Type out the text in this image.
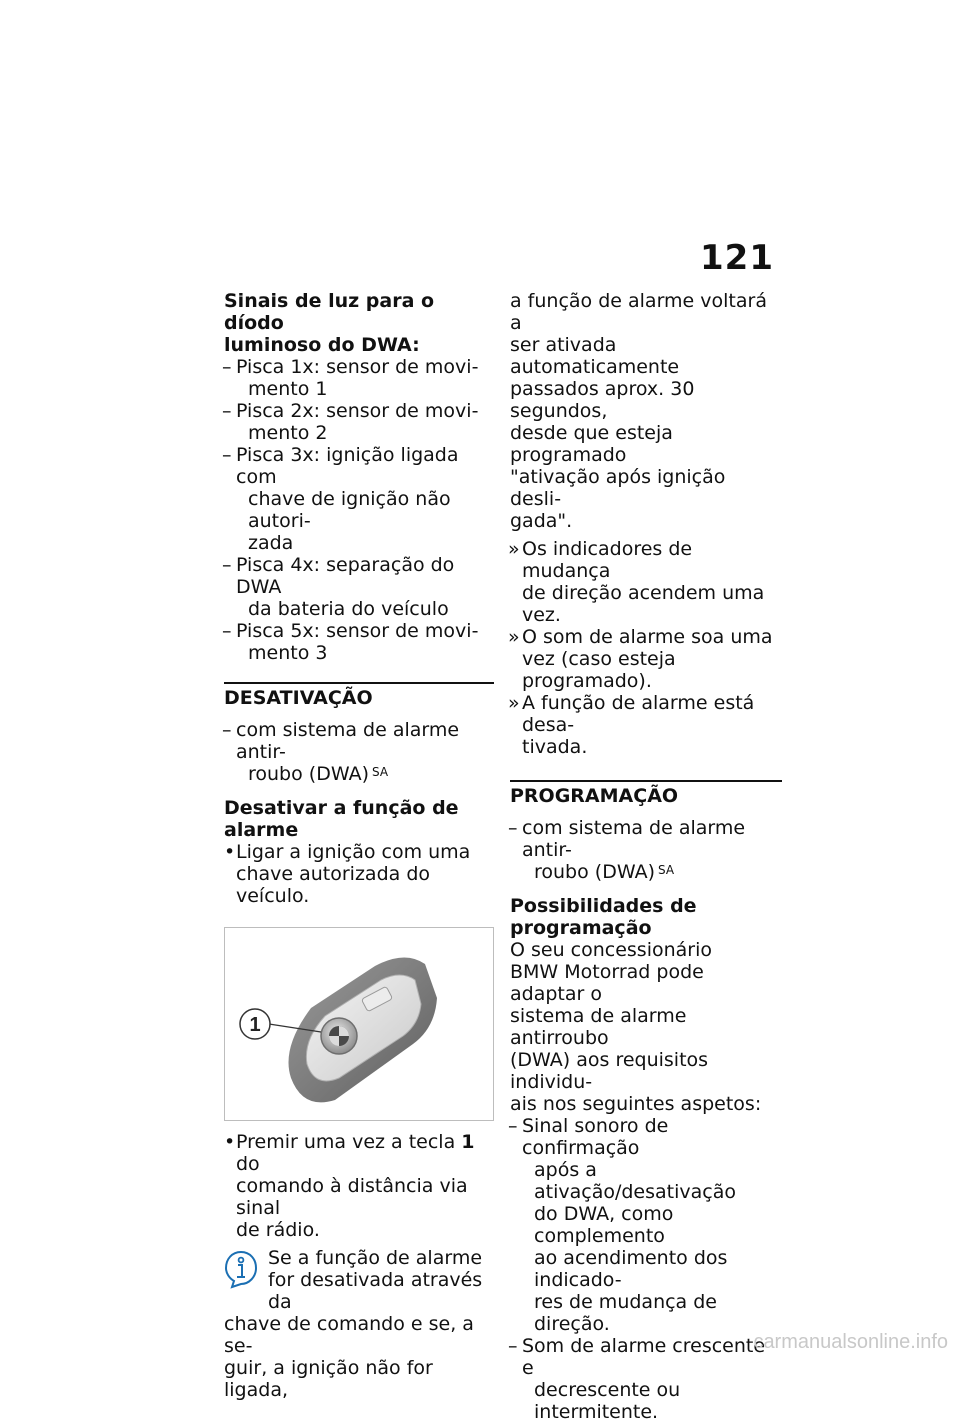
121
Sinais de luz para o díodo
luminoso do DWA:
– Pisca 1x: sensor de movi-
mento 1
– Pisca 2x: sensor de movi-
mento 2
– Pisca 3x: ignição ligada com
chave de ignição não autori-
zada
– Pisca 4x: separação do DWA
da bateria do veículo
– Pisca 5x: sensor de movi-
mento 3
DESATIVAÇÃO
– com sistema de alarme antir-
roubo (DWA) $^{SA}$
Desativar a função de alarme
• Ligar a ignição com uma
chave autorizada do veículo.
1
• Premir uma vez a tecla 1 do
comando à distância via sinal
de rádio.
Se a função de alarme
for desativada através da
chave de comando e se, a se-
guir, a ignição não for ligada,
a função de alarme voltará a
ser ativada automaticamente
passados aprox. 30 segundos,
desde que esteja programado
"ativação após ignição desli-
gada".
» Os indicadores de mudança
de direção acendem uma vez.
» O som de alarme soa uma
vez (caso esteja programado).
» A função de alarme está desa-
tivada.
PROGRAMAÇÃO
– com sistema de alarme antir-
roubo (DWA) $^{SA}$
Possibilidades de
programação
O seu concessionário
BMW Motorrad pode adaptar o
sistema de alarme antirroubo
(DWA) aos requisitos individu-
ais nos seguintes aspetos:
– Sinal sonoro de confirmação
após a ativação/desativação
do DWA, como complemento
ao acendimento dos indicado-
res de mudança de direção.
– Som de alarme crescente e
decrescente ou intermitente.
carmanualsonline.info
